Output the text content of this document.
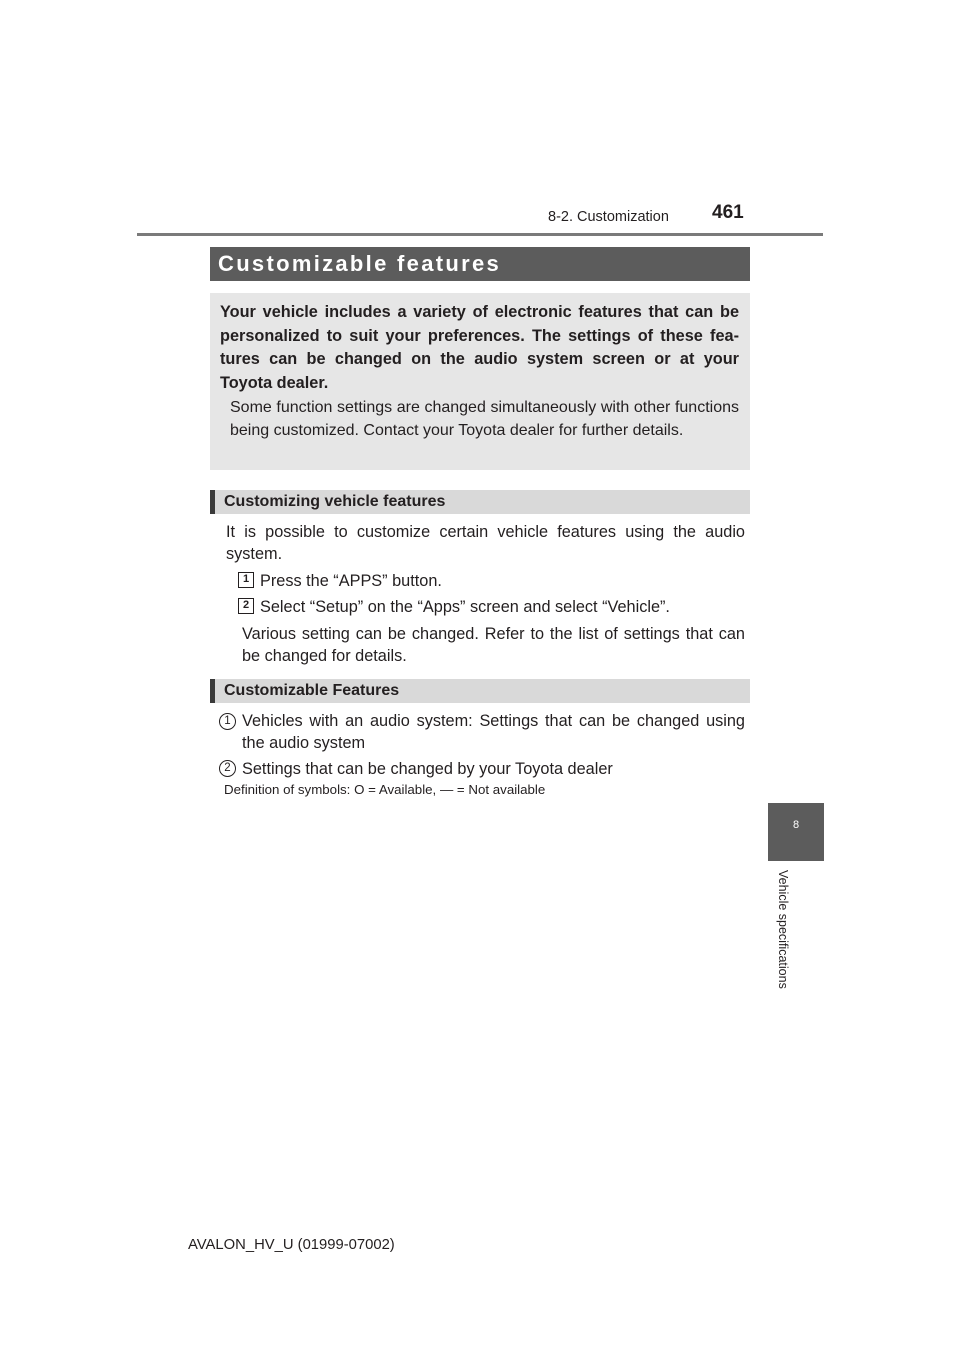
8-2. Customization 461
Customizable features

Your vehicle includes a variety of electronic features that can be personalized to suit your preferences. The settings of these features can be changed on the audio system screen or at your Toyota dealer.

Some function settings are changed simultaneously with other functions being customized. Contact your Toyota dealer for further details.

Customizing vehicle features

It is possible to customize certain vehicle features using the audio system.

1 Press the “APPS” button.
2 Select “Setup” on the “Apps” screen and select “Vehicle”.

Various setting can be changed. Refer to the list of settings that can be changed for details.

Customizable Features
1 Vehicles with an audio system: Settings that can be changed using the audio system

2 Settings that can be changed by your Toyota dealer
Definition of symbols: O = Available, — = Not available
8
Vehicle specifications
AVALON_HV_U (01999-07002)
